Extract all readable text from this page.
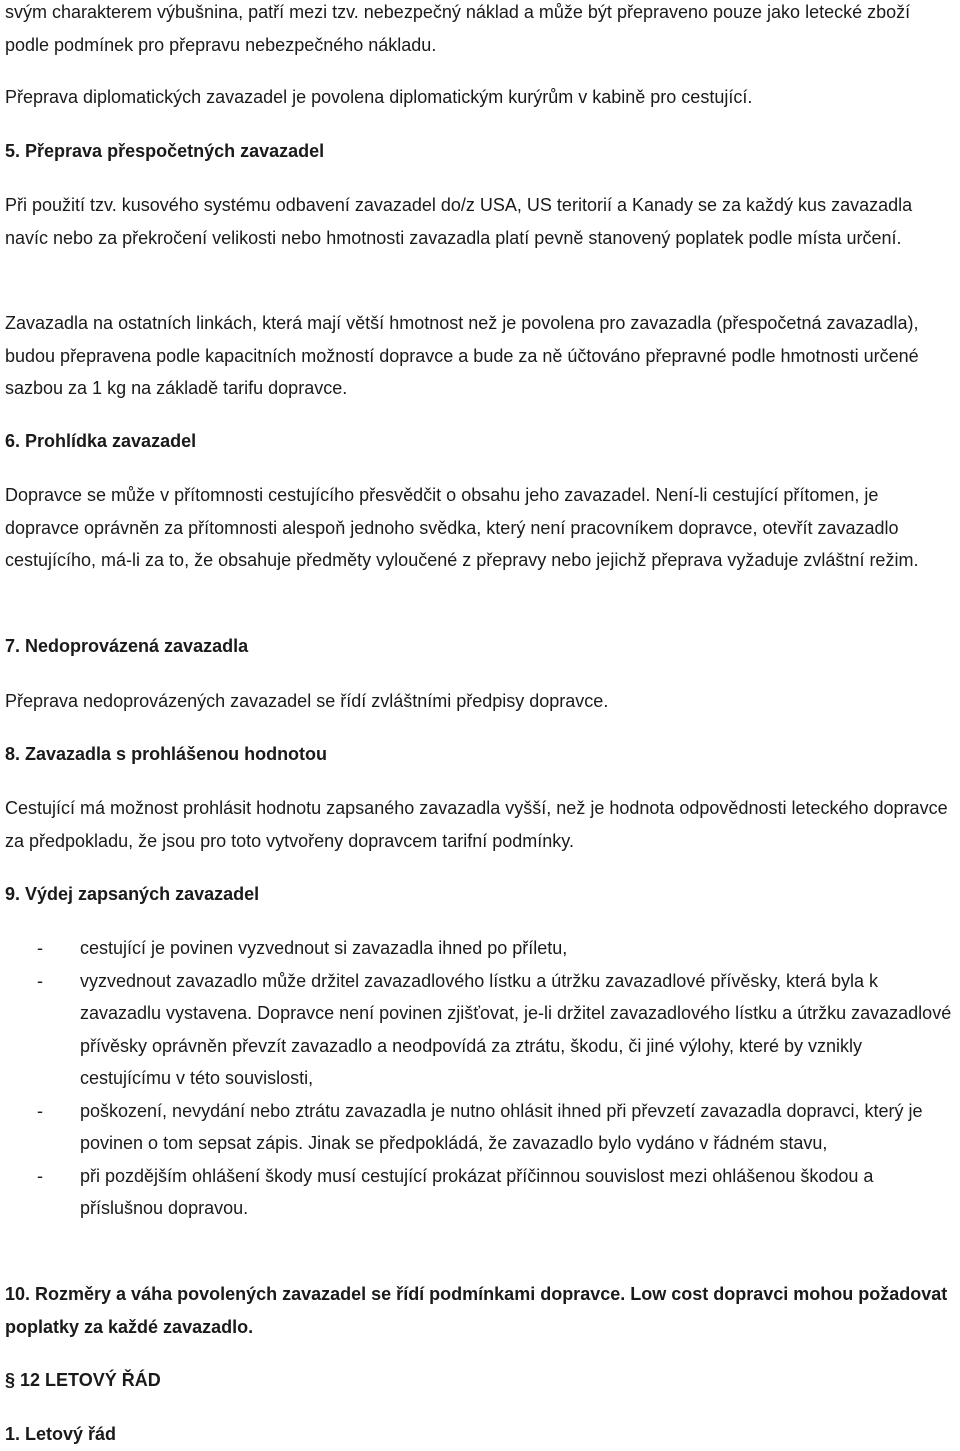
svým charakterem výbušnina, patří mezi tzv. nebezpečný náklad a může být přepraveno pouze jako letecké zboží podle podmínek pro přepravu nebezpečného nákladu.

Přeprava diplomatických zavazadel je povolena diplomatickým kurýrům v kabině pro cestující.

5. Přeprava přespočetných zavazadel

Při použití tzv. kusového systému odbavení zavazadel do/z USA, US teritorií a Kanady se za každý kus zavazadla navíc nebo za překročení velikosti nebo hmotnosti zavazadla platí pevně stanovený poplatek podle místa určení.

Zavazadla na ostatních linkách, která mají větší hmotnost než je povolena pro zavazadla (přespočetná zavazadla), budou přepravena podle kapacitních možností dopravce a bude za ně účtováno přepravné podle hmotnosti určené sazbou za 1 kg na základě tarifu dopravce.

6. Prohlídka zavazadel

Dopravce se může v přítomnosti cestujícího přesvědčit o obsahu jeho zavazadel. Není-li cestující přítomen, je dopravce oprávněn za přítomnosti alespoň jednoho svědka, který není pracovníkem dopravce, otevřít zavazadlo cestujícího, má-li za to, že obsahuje předměty vyloučené z přepravy nebo jejichž přeprava vyžaduje zvláštní režim.

7. Nedoprovázená zavazadla

Přeprava nedoprovázených zavazadel se řídí zvláštními předpisy dopravce.

8. Zavazadla s prohlášenou hodnotou

Cestující má možnost prohlásit hodnotu zapsaného zavazadla vyšší, než je hodnota odpovědnosti leteckého dopravce za předpokladu, že jsou pro toto vytvořeny dopravcem tarifní podmínky.

9. Výdej zapsaných zavazadel

- cestující je povinen vyzvednout si zavazadla ihned po příletu,
- vyzvednout zavazadlo může držitel zavazadlového lístku a útržku zavazadlové přívěsky, která byla k zavazadlu vystavena. Dopravce není povinen zjišťovat, je-li držitel zavazadlového lístku a útržku zavazadlové přívěsky oprávněn převzít zavazadlo a neodpovídá za ztrátu, škodu, či jiné výlohy, které by vznikly cestujícímu v této souvislosti,
- poškození, nevydání nebo ztrátu zavazadla je nutno ohlásit ihned při převzetí zavazadla dopravci, který je povinen o tom sepsat zápis. Jinak se předpokládá, že zavazadlo bylo vydáno v řádném stavu,
- při pozdějším ohlášení škody musí cestující prokázat příčinnou souvislost mezi ohlášenou škodou a příslušnou dopravou.

10. Rozměry a váha povolených zavazadel se řídí podmínkami dopravce. Low cost dopravci mohou požadovat poplatky za každé zavazadlo.

§ 12 LETOVÝ ŘÁD

1. Letový řád
